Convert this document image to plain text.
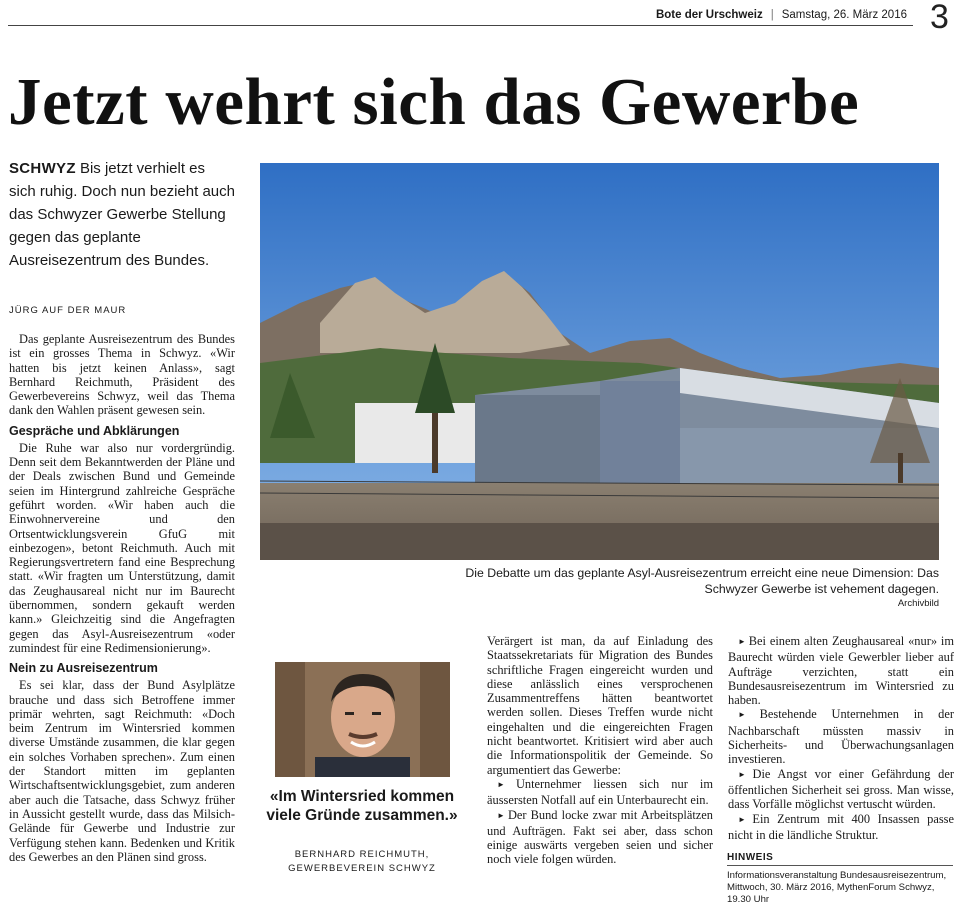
Bote der Urschweiz | Samstag, 26. März 2016 3
Jetzt wehrt sich das Gewerbe
SCHWYZ Bis jetzt verhielt es sich ruhig. Doch nun bezieht auch das Schwyzer Gewerbe Stellung gegen das geplante Ausreisezentrum des Bundes.
JÜRG AUF DER MAUR

Das geplante Ausreisezentrum des Bundes ist ein grosses Thema in Schwyz. «Wir hatten bis jetzt keinen Anlass», sagt Bernhard Reichmuth, Präsident des Gewerbevereins Schwyz, weil das Thema dank den Wahlen präsent gewesen sein.

Gespräche und Abklärungen

Die Ruhe war also nur vordergründig. Denn seit dem Bekanntwerden der Pläne und der Deals zwischen Bund und Gemeinde seien im Hintergrund zahlreiche Gespräche geführt worden. «Wir haben auch die Einwohnervereine und den Ortsentwicklungsverein GfuG mit einbezogen», betont Reichmuth. Auch mit Regierungsvertretern fand eine Besprechung statt. «Wir fragten um Unterstützung, damit das Zeughausareal nicht nur im Baurecht übernommen, sondern gekauft werden kann.» Gleichzeitig sind die Angefragten gegen das Asyl-Ausreisezentrum «oder zumindest für eine Redimensionierung».

Nein zu Ausreisezentrum

Es sei klar, dass der Bund Asylplätze brauche und dass sich Betroffene immer primär wehrten, sagt Reichmuth: «Doch beim Zentrum im Wintersried kommen diverse Umstände zusammen, die klar gegen ein solches Vorhaben sprechen». Zum einen der Standort mitten im geplanten Wirtschaftsentwicklungsgebiet, zum anderen aber auch die Tatsache, dass Schwyz früher in Aussicht gestellt wurde, dass das Milsich-Gelände für Gewerbe und Industrie zur Verfügung stehen kann. Bedenken und Kritik des Gewerbes an den Plänen sind gross.

Die Debatte um das geplante Asyl-Ausreisezentrum erreicht eine neue Dimension: Das Schwyzer Gewerbe ist vehement dagegen.
Archivbild
«Im Wintersried kommen viele Gründe zusammen.»
BERNHARD REICHMUTH,
GEWERBEVEREIN SCHWYZ

Verärgert ist man, da auf Einladung des Staatssekretariats für Migration des Bundes schriftliche Fragen eingereicht wurden und diese anlässlich eines versprochenen Zusammentreffens hätten beantwortet werden sollen. Dieses Treffen wurde nicht eingehalten und die eingereichten Fragen nicht beantwortet. Kritisiert wird aber auch die Informationspolitik der Gemeinde. So argumentiert das Gewerbe:

► Unternehmer liessen sich nur im äussersten Notfall auf ein Unterbaurecht ein.

► Der Bund locke zwar mit Arbeitsplätzen und Aufträgen. Fakt sei aber, dass schon einige auswärts vergeben seien und sicher noch viele folgen würden.

► Bei einem alten Zeughausareal «nur» im Baurecht würden viele Gewerbler lieber auf Aufträge verzichten, statt ein Bundesausreisezentrum im Wintersried zu haben.

► Bestehende Unternehmen in der Nachbarschaft müssten massiv in Sicherheits- und Überwachungsanlagen investieren.

► Die Angst vor einer Gefährdung der öffentlichen Sicherheit sei gross. Man wisse, dass Vorfälle möglichst vertuscht würden.

► Ein Zentrum mit 400 Insassen passe nicht in die ländliche Struktur.

HINWEIS
Informationsveranstaltung Bundesausreisezentrum, Mittwoch, 30. März 2016, MythenForum Schwyz, 19.30 Uhr
